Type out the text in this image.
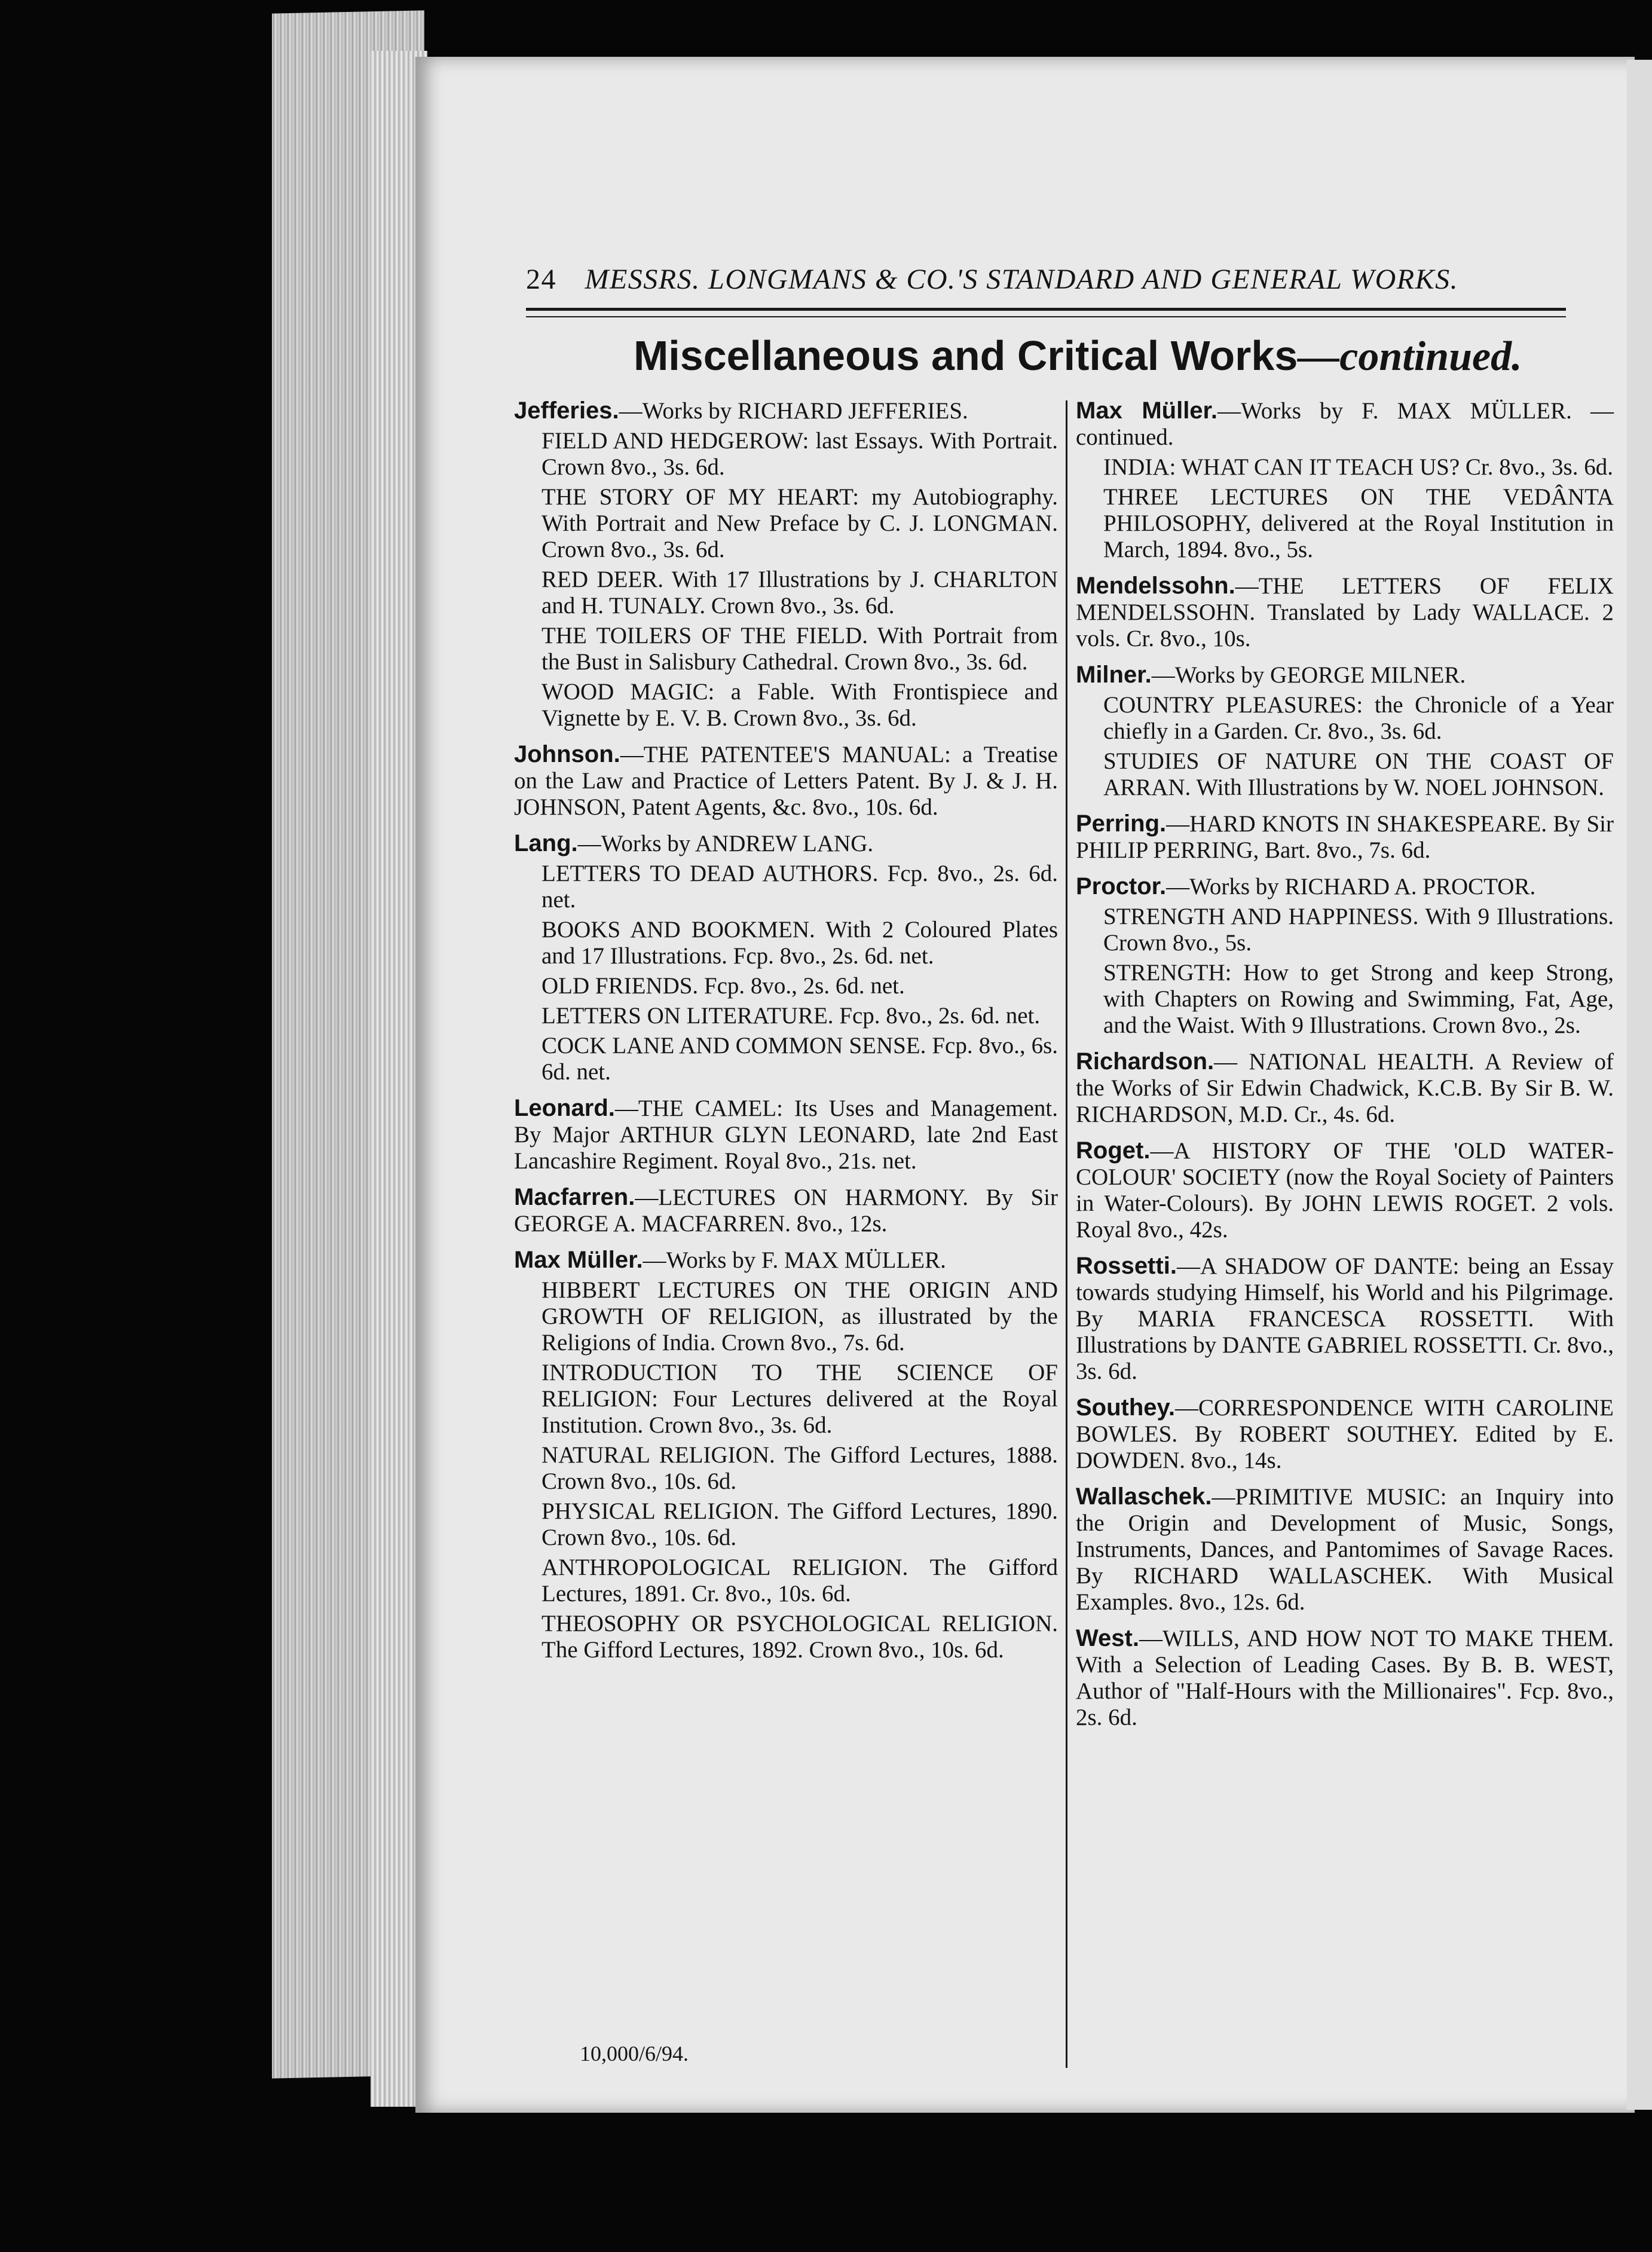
24 MESSRS. LONGMANS & CO.'S STANDARD AND GENERAL WORKS.
Miscellaneous and Critical Works—continued.
Jefferies.—Works by RICHARD JEFFERIES.
FIELD AND HEDGEROW: last Essays. With Portrait. Crown 8vo., 3s. 6d.
THE STORY OF MY HEART: my Autobiography. With Portrait and New Preface by C. J. LONGMAN. Crown 8vo., 3s. 6d.
RED DEER. With 17 Illustrations by J. CHARLTON and H. TUNALY. Crown 8vo., 3s. 6d.
THE TOILERS OF THE FIELD. With Portrait from the Bust in Salisbury Cathedral. Crown 8vo., 3s. 6d.
WOOD MAGIC: a Fable. With Frontispiece and Vignette by E. V. B. Crown 8vo., 3s. 6d.
Johnson.—THE PATENTEE'S MANUAL: a Treatise on the Law and Practice of Letters Patent. By J. & J. H. JOHNSON, Patent Agents, &c. 8vo., 10s. 6d.
Lang.—Works by ANDREW LANG.
LETTERS TO DEAD AUTHORS. Fcp. 8vo., 2s. 6d. net.
BOOKS AND BOOKMEN. With 2 Coloured Plates and 17 Illustrations. Fcp. 8vo., 2s. 6d. net.
OLD FRIENDS. Fcp. 8vo., 2s. 6d. net.
LETTERS ON LITERATURE. Fcp. 8vo., 2s. 6d. net.
COCK LANE AND COMMON SENSE. Fcp. 8vo., 6s. 6d. net.
Leonard.—THE CAMEL: Its Uses and Management. By Major ARTHUR GLYN LEONARD, late 2nd East Lancashire Regiment. Royal 8vo., 21s. net.
Macfarren.—LECTURES ON HARMONY. By Sir GEORGE A. MACFARREN. 8vo., 12s.
Max Müller.—Works by F. MAX MÜLLER.
HIBBERT LECTURES ON THE ORIGIN AND GROWTH OF RELIGION, as illustrated by the Religions of India. Crown 8vo., 7s. 6d.
INTRODUCTION TO THE SCIENCE OF RELIGION: Four Lectures delivered at the Royal Institution. Crown 8vo., 3s. 6d.
NATURAL RELIGION. The Gifford Lectures, 1888. Crown 8vo., 10s. 6d.
PHYSICAL RELIGION. The Gifford Lectures, 1890. Crown 8vo., 10s. 6d.
ANTHROPOLOGICAL RELIGION. The Gifford Lectures, 1891. Cr. 8vo., 10s. 6d.
THEOSOPHY OR PSYCHOLOGICAL RELIGION. The Gifford Lectures, 1892. Crown 8vo., 10s. 6d.
Max Müller.—Works by F. MAX MÜLLER. —continued.
INDIA: WHAT CAN IT TEACH US? Cr. 8vo., 3s. 6d.
THREE LECTURES ON THE VEDÂNTA PHILOSOPHY, delivered at the Royal Institution in March, 1894. 8vo., 5s.
Mendelssohn.—THE LETTERS OF FELIX MENDELSSOHN. Translated by Lady WALLACE. 2 vols. Cr. 8vo., 10s.
Milner.—Works by GEORGE MILNER.
COUNTRY PLEASURES: the Chronicle of a Year chiefly in a Garden. Cr. 8vo., 3s. 6d.
STUDIES OF NATURE ON THE COAST OF ARRAN. With Illustrations by W. NOEL JOHNSON.
Perring.—HARD KNOTS IN SHAKESPEARE. By Sir PHILIP PERRING, Bart. 8vo., 7s. 6d.
Proctor.—Works by RICHARD A. PROCTOR.
STRENGTH AND HAPPINESS. With 9 Illustrations. Crown 8vo., 5s.
STRENGTH: How to get Strong and keep Strong, with Chapters on Rowing and Swimming, Fat, Age, and the Waist. With 9 Illustrations. Crown 8vo., 2s.
Richardson.— NATIONAL HEALTH. A Review of the Works of Sir Edwin Chadwick, K.C.B. By Sir B. W. RICHARDSON, M.D. Cr., 4s. 6d.
Roget.—A HISTORY OF THE 'OLD WATER-COLOUR' SOCIETY (now the Royal Society of Painters in Water-Colours). By JOHN LEWIS ROGET. 2 vols. Royal 8vo., 42s.
Rossetti.—A SHADOW OF DANTE: being an Essay towards studying Himself, his World and his Pilgrimage. By MARIA FRANCESCA ROSSETTI. With Illustrations by DANTE GABRIEL ROSSETTI. Cr. 8vo., 3s. 6d.
Southey.—CORRESPONDENCE WITH CAROLINE BOWLES. By ROBERT SOUTHEY. Edited by E. DOWDEN. 8vo., 14s.
Wallaschek.—PRIMITIVE MUSIC: an Inquiry into the Origin and Development of Music, Songs, Instruments, Dances, and Pantomimes of Savage Races. By RICHARD WALLASCHEK. With Musical Examples. 8vo., 12s. 6d.
West.—WILLS, AND HOW NOT TO MAKE THEM. With a Selection of Leading Cases. By B. B. WEST, Author of "Half-Hours with the Millionaires". Fcp. 8vo., 2s. 6d.
10,000/6/94.
